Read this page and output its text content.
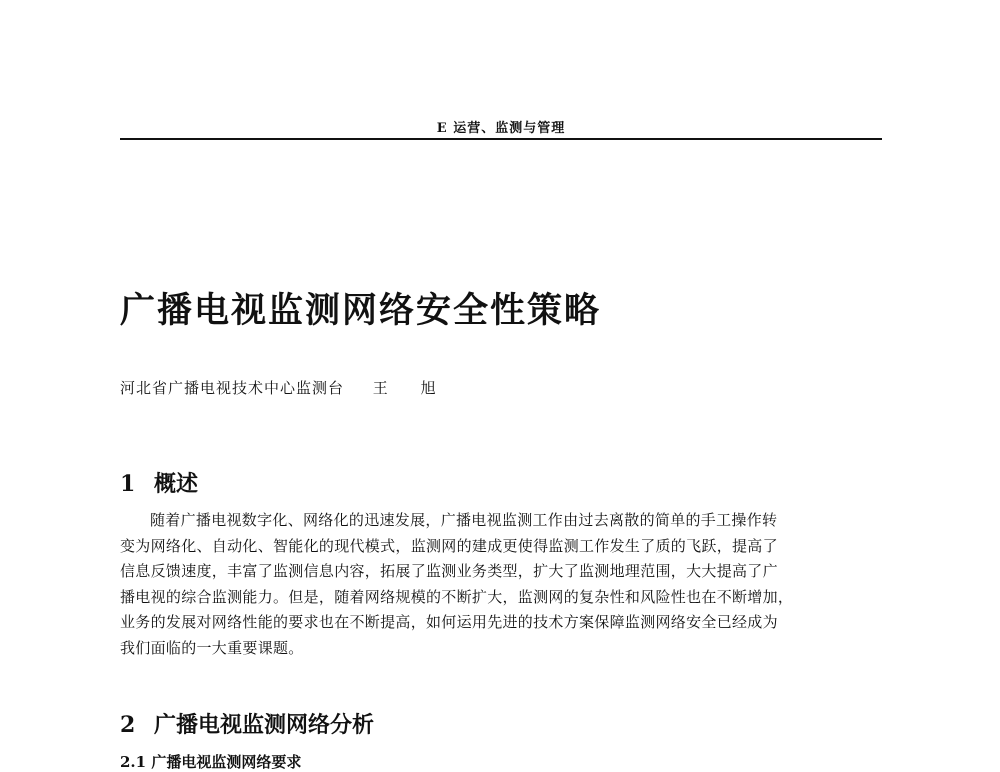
E 运营、监测与管理
广播电视监测网络安全性策略
河北省广播电视技术中心监测台 王 旭
1 概述
随着广播电视数字化、网络化的迅速发展，广播电视监测工作由过去离散的简单的手工操作转
变为网络化、自动化、智能化的现代模式，监测网的建成更使得监测工作发生了质的飞跃，提高了
信息反馈速度，丰富了监测信息内容，拓展了监测业务类型，扩大了监测地理范围，大大提高了广
播电视的综合监测能力。但是，随着网络规模的不断扩大，监测网的复杂性和风险性也在不断增加，
业务的发展对网络性能的要求也在不断提高，如何运用先进的技术方案保障监测网络安全已经成为
我们面临的一大重要课题。
2 广播电视监测网络分析
2.1 广播电视监测网络要求
